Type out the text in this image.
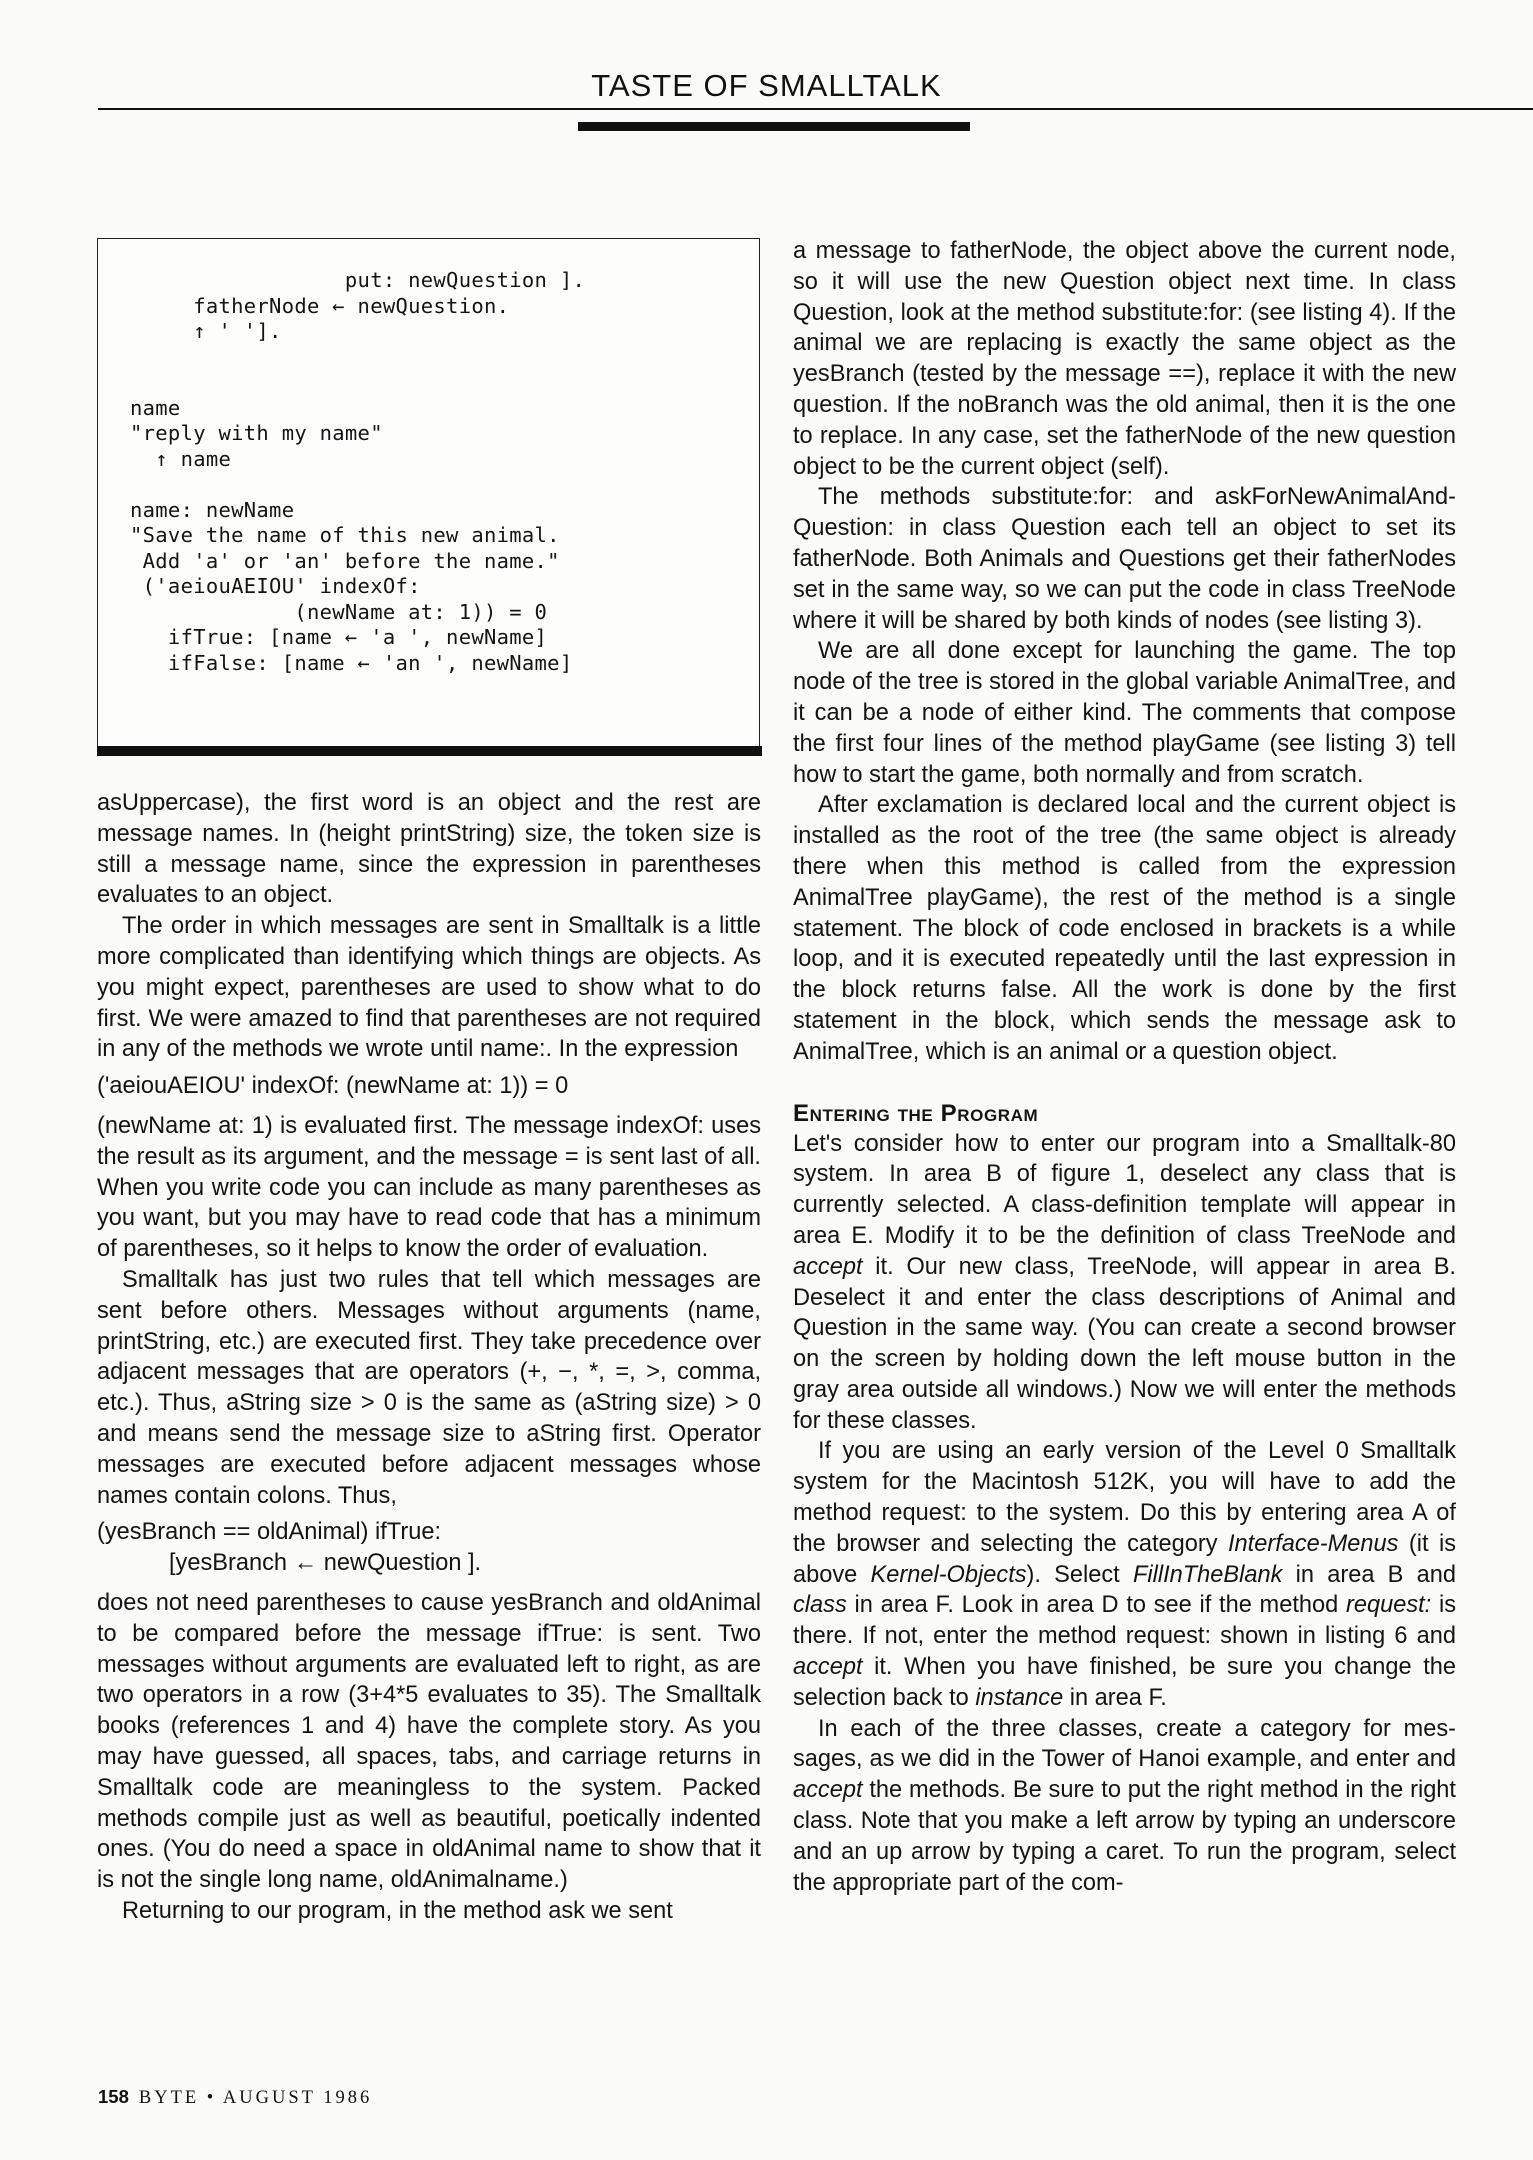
TASTE OF SMALLTALK
put: newQuestion ].
fatherNode ← newQuestion.
↑ ' '].

name
"reply with my name"
↑ name

name: newName
"Save the name of this new animal.
Add 'a' or 'an' before the name."
('aeiouAEIOU' indexOf:
(newName at: 1)) = 0
ifTrue: [name ← 'a ', newName]
ifFalse: [name ← 'an ', newName]

asUppercase), the first word is an object and the rest are message names. In (height printString) size, the token size is still a message name, since the expression in parentheses evaluates to an object.

The order in which messages are sent in Smalltalk is a little more complicated than identifying which things are objects. As you might expect, parentheses are used to show what to do first. We were amazed to find that parentheses are not required in any of the methods we wrote until name:. In the expression

('aeiouAEIOU' indexOf: (newName at: 1)) = 0

(newName at: 1) is evaluated first. The message indexOf: uses the result as its argument, and the message = is sent last of all. When you write code you can include as many parentheses as you want, but you may have to read code that has a minimum of parentheses, so it helps to know the order of evaluation.

Smalltalk has just two rules that tell which messages are sent before others. Messages without arguments (name, printString, etc.) are executed first. They take precedence over adjacent messages that are operators (+, −, *, =, >, comma, etc.). Thus, aString size > 0 is the same as (aString size) > 0 and means send the message size to aString first. Operator messages are executed before adjacent messages whose names contain colons. Thus,

(yesBranch == oldAnimal) ifTrue:
[yesBranch ← newQuestion ].

does not need parentheses to cause yesBranch and oldAnimal to be compared before the message ifTrue: is sent. Two messages without arguments are evaluated left to right, as are two operators in a row (3+4*5 evaluates to 35). The Smalltalk books (references 1 and 4) have the complete story. As you may have guessed, all spaces, tabs, and carriage returns in Smalltalk code are meaningless to the system. Packed methods compile just as well as beautiful, poetically indented ones. (You do need a space in oldAnimal name to show that it is not the single long name, oldAnimalname.)

Returning to our program, in the method ask we sent

a message to fatherNode, the object above the current node, so it will use the new Question object next time. In class Question, look at the method substitute:for: (see listing 4). If the animal we are replacing is exactly the same object as the yesBranch (tested by the message ==), replace it with the new question. If the noBranch was the old animal, then it is the one to replace. In any case, set the fatherNode of the new question object to be the current object (self).

The methods substitute:for: and askForNewAnimalAndQuestion: in class Question each tell an object to set its fatherNode. Both Animals and Questions get their fatherNodes set in the same way, so we can put the code in class TreeNode where it will be shared by both kinds of nodes (see listing 3).

We are all done except for launching the game. The top node of the tree is stored in the global variable AnimalTree, and it can be a node of either kind. The comments that compose the first four lines of the method playGame (see listing 3) tell how to start the game, both normally and from scratch.

After exclamation is declared local and the current object is installed as the root of the tree (the same object is already there when this method is called from the expression AnimalTree playGame), the rest of the method is a single statement. The block of code enclosed in brackets is a while loop, and it is executed repeatedly until the last expression in the block returns false. All the work is done by the first statement in the block, which sends the message ask to AnimalTree, which is an animal or a question object.

Entering the Program

Let's consider how to enter our program into a Smalltalk-80 system. In area B of figure 1, deselect any class that is currently selected. A class-definition template will appear in area E. Modify it to be the definition of class TreeNode and accept it. Our new class, TreeNode, will appear in area B. Deselect it and enter the class descriptions of Animal and Question in the same way. (You can create a second browser on the screen by holding down the left mouse button in the gray area outside all windows.) Now we will enter the methods for these classes.

If you are using an early version of the Level 0 Smalltalk system for the Macintosh 512K, you will have to add the method request: to the system. Do this by entering area A of the browser and selecting the category Interface-Menus (it is above Kernel-Objects). Select FillInTheBlank in area B and class in area F. Look in area D to see if the method request: is there. If not, enter the method request: shown in listing 6 and accept it. When you have finished, be sure you change the selection back to instance in area F.

In each of the three classes, create a category for messages, as we did in the Tower of Hanoi example, and enter and accept the methods. Be sure to put the right method in the right class. Note that you make a left arrow by typing an underscore and an up arrow by typing a caret. To run the program, select the appropriate part of the com-

158 BYTE • AUGUST 1986
